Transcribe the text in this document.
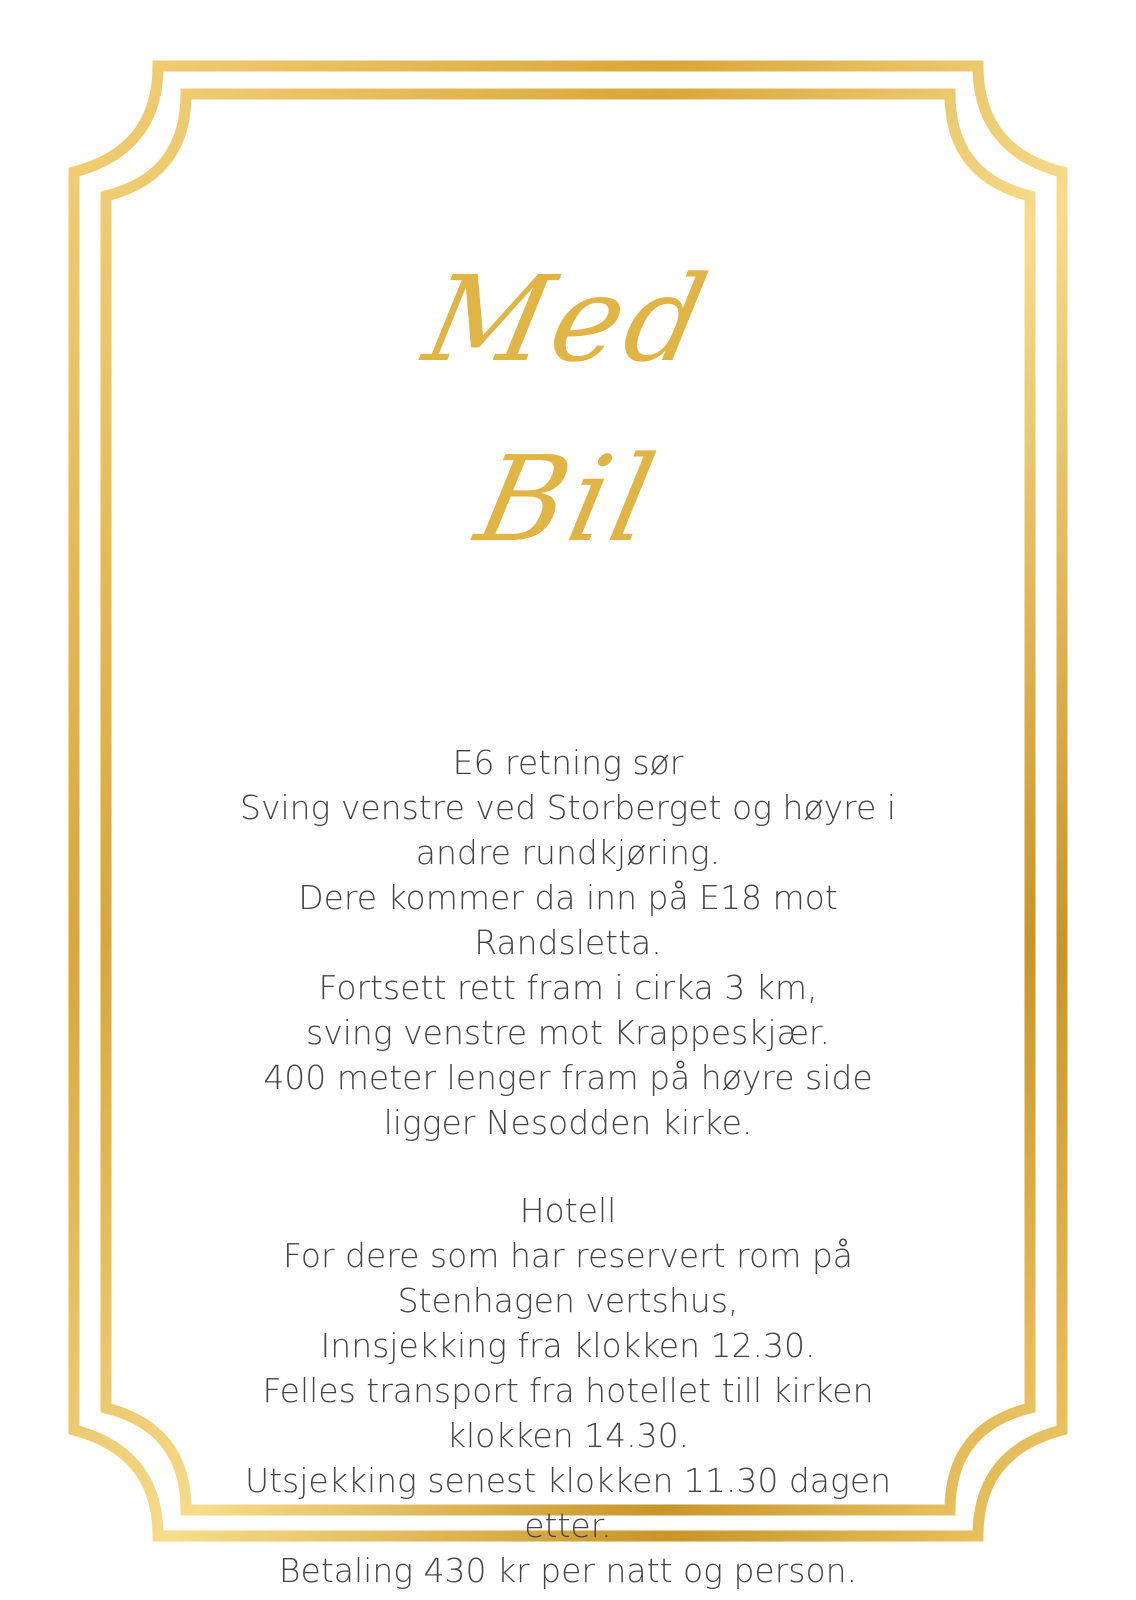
Med
Bil
E6 retning sør
Sving venstre ved Storberget og høyre i
andre rundkjøring.
Dere kommer da inn på E18 mot
Randsletta.
Fortsett rett fram i cirka 3 km,
sving venstre mot Krappeskjær.
400 meter lenger fram på høyre side
ligger Nesodden kirke.
Hotell
For dere som har reservert rom på
Stenhagen vertshus,
Innsjekking fra klokken 12.30.
Felles transport fra hotellet till kirken
klokken 14.30.
Utsjekking senest klokken 11.30 dagen
etter.
Betaling 430 kr per natt og person.
